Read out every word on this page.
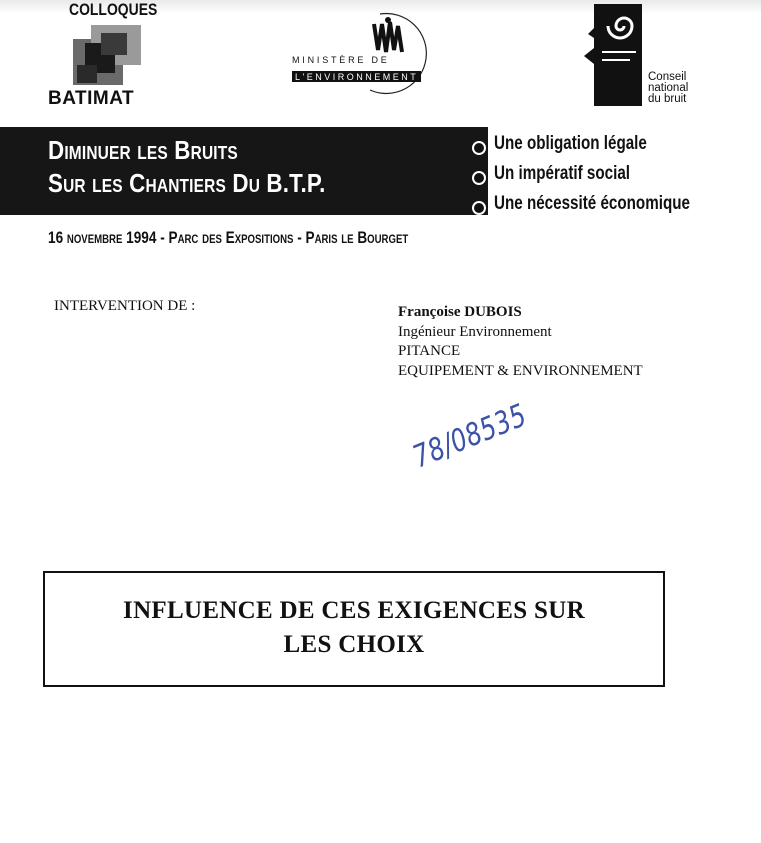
COLLOQUES
BATIMAT
MINISTÈRE DE
L'ENVIRONNEMENT	Conseil
national
du bruit
Diminuer les Bruits
Sur les Chantiers Du B.T.P.
Une obligation légale
Un impératif social
Une nécessité économique
16 novembre 1994 - Parc des Expositions - Paris le Bourget
INTERVENTION DE :	Françoise DUBOIS
Ingénieur Environnement
PITANCE
EQUIPEMENT & ENVIRONNEMENT
78/08535
INFLUENCE DE CES EXIGENCES SUR
LES CHOIX
